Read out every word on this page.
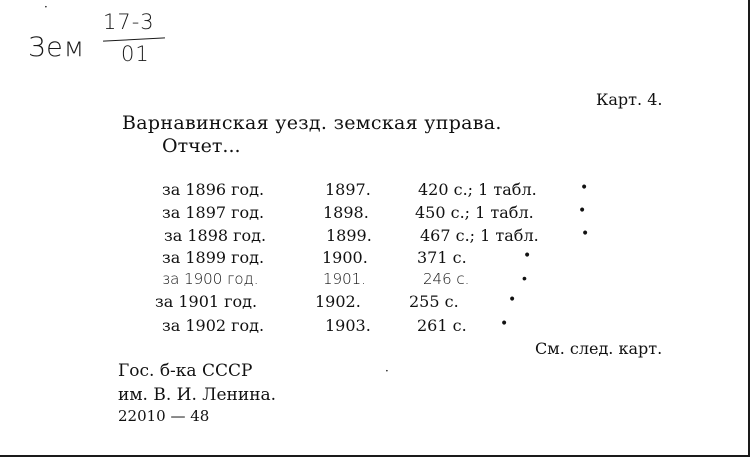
·
Зем
17-3
01
Карт. 4.
Варнавинская уезд. земская управа.
Отчет...
за 1896 год.	1897.	420 с.; 1 табл.	•
за 1897 год.	1898.	450 с.; 1 табл.	•
за 1898 год.	1899.	467 с.; 1 табл.	•
за 1899 год.	1900.	371 с.	•
за 1900 год.	1901.	246 с.	•
за 1901 год.	1902.	255 с.	•
за 1902 год.	1903.	261 с. •
См. след. карт.
·
Гос. б-ка СССР
им. В. И. Ленина.
22010 — 48
